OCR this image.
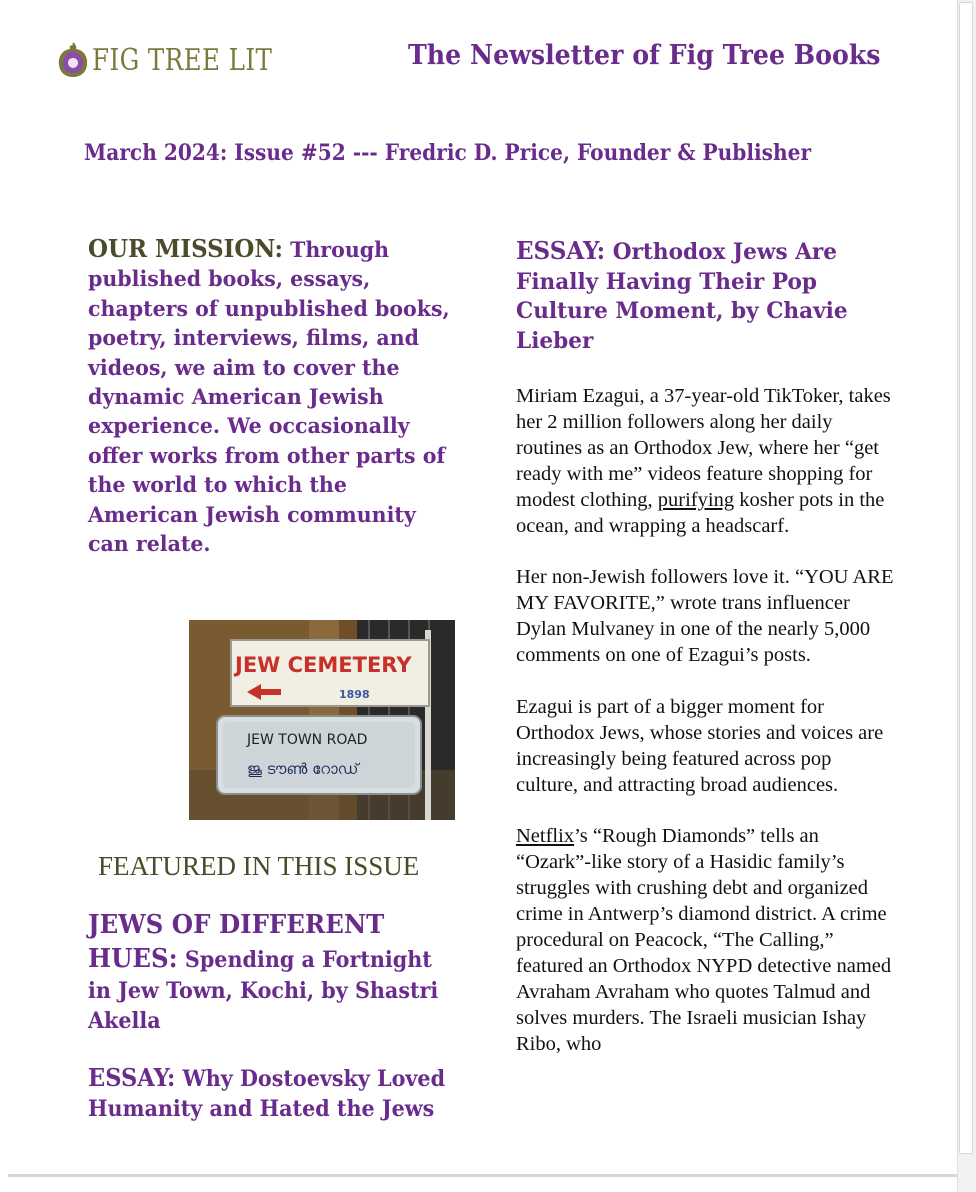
FIG TREE LIT	The Newsletter of Fig Tree Books
March 2024: Issue #52 --- Fredric D. Price, Founder & Publisher

OUR MISSION: Through published books, essays, chapters of unpublished books, poetry, interviews, films, and videos, we aim to cover the dynamic American Jewish experience. We occasionally offer works from other parts of the world to which the American Jewish community can relate.

JEW CEMETERY
1898
JEW TOWN ROAD
ജൂ ടൗൺ റോഡ്
FEATURED IN THIS ISSUE
JEWS OF DIFFERENT HUES: Spending a Fortnight in Jew Town, Kochi, by Shastri Akella
ESSAY: Why Dostoevsky Loved Humanity and Hated the Jews

ESSAY: Orthodox Jews Are Finally Having Their Pop Culture Moment, by Chavie Lieber

Miriam Ezagui, a 37-year-old TikToker, takes her 2 million followers along her daily routines as an Orthodox Jew, where her “get ready with me” videos feature shopping for modest clothing, purifying kosher pots in the ocean, and wrapping a headscarf.

Her non-Jewish followers love it. “YOU ARE MY FAVORITE,” wrote trans influencer Dylan Mulvaney in one of the nearly 5,000 comments on one of Ezagui’s posts.

Ezagui is part of a bigger moment for Orthodox Jews, whose stories and voices are increasingly being featured across pop culture, and attracting broad audiences.

Netflix’s “Rough Diamonds” tells an “Ozark”-like story of a Hasidic family’s struggles with crushing debt and organized crime in Antwerp’s diamond district. A crime procedural on Peacock, “The Calling,” featured an Orthodox NYPD detective named Avraham Avraham who quotes Talmud and solves murders. The Israeli musician Ishay Ribo, who
